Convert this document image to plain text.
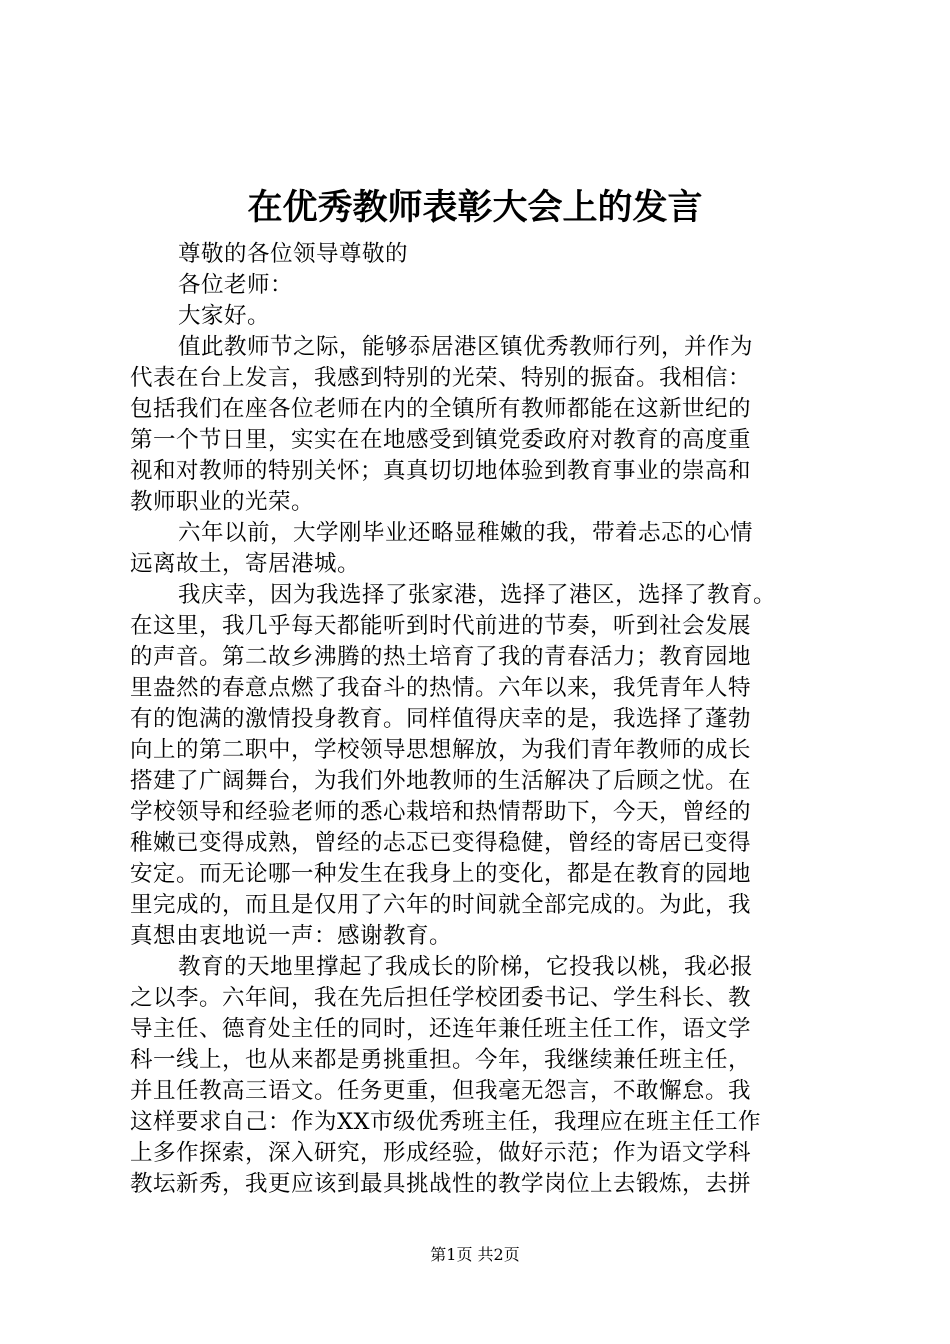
在优秀教师表彰大会上的发言
尊敬的各位领导尊敬的
各位老师：
大家好。
值此教师节之际，能够忝居港区镇优秀教师行列，并作为
代表在台上发言，我感到特别的光荣、特别的振奋。我相信：
包括我们在座各位老师在内的全镇所有教师都能在这新世纪的
第一个节日里，实实在在地感受到镇党委政府对教育的高度重
视和对教师的特别关怀；真真切切地体验到教育事业的崇高和
教师职业的光荣。
六年以前，大学刚毕业还略显稚嫩的我，带着忐忑的心情
远离故土，寄居港城。
我庆幸，因为我选择了张家港，选择了港区，选择了教育。
在这里，我几乎每天都能听到时代前进的节奏，听到社会发展
的声音。第二故乡沸腾的热土培育了我的青春活力；教育园地
里盎然的春意点燃了我奋斗的热情。六年以来，我凭青年人特
有的饱满的激情投身教育。同样值得庆幸的是，我选择了蓬勃
向上的第二职中，学校领导思想解放，为我们青年教师的成长
搭建了广阔舞台，为我们外地教师的生活解决了后顾之忧。在
学校领导和经验老师的悉心栽培和热情帮助下，今天，曾经的
稚嫩已变得成熟，曾经的忐忑已变得稳健，曾经的寄居已变得
安定。而无论哪一种发生在我身上的变化，都是在教育的园地
里完成的，而且是仅用了六年的时间就全部完成的。为此，我
真想由衷地说一声：感谢教育。
教育的天地里撑起了我成长的阶梯，它投我以桃，我必报
之以李。六年间，我在先后担任学校团委书记、学生科长、教
导主任、德育处主任的同时，还连年兼任班主任工作，语文学
科一线上，也从来都是勇挑重担。今年，我继续兼任班主任，
并且任教高三语文。任务更重，但我毫无怨言，不敢懈怠。我
这样要求自己：作为XX市级优秀班主任，我理应在班主任工作
上多作探索，深入研究，形成经验，做好示范；作为语文学科
教坛新秀，我更应该到最具挑战性的教学岗位上去锻炼，去拼
第1页 共2页
